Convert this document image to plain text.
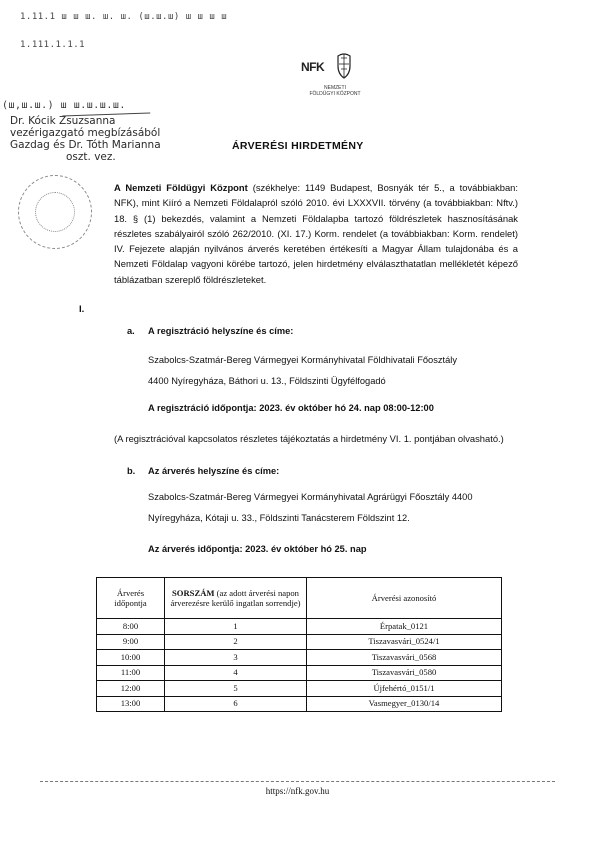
1.11.1 ш ш ш. ш. ш. (ш.ш.ш) ш ш ш ш
1.111.1.1.1
NFK
NEMZETI
FÖLDÜGYI KÖZPONT
(ш,ш.ш.) ш ш.ш.ш.ш.
Dr. Kócik Zsuzsanna
vezérigazgató megbízásából
Gazdag és Dr. Tóth Marianna
oszt. vez.
ÁRVERÉSI HIRDETMÉNY
A Nemzeti Földügyi Központ (székhelye: 1149 Budapest, Bosnyák tér 5., a továbbiakban: NFK), mint Kiíró a Nemzeti Földalapról szóló 2010. évi LXXXVII. törvény (a továbbiakban: Nftv.) 18. § (1) bekezdés, valamint a Nemzeti Földalapba tartozó földrészletek hasznosításának részletes szabályairól szóló 262/2010. (XI. 17.) Korm. rendelet (a továbbiakban: Korm. rendelet) IV. Fejezete alapján nyilvános árverés keretében értékesíti a Magyar Állam tulajdonába és a Nemzeti Földalap vagyoni körébe tartozó, jelen hirdetmény elválaszthatatlan mellékletét képező táblázatban szereplő földrészleteket.
I.
a. A regisztráció helyszíne és címe:
Szabolcs-Szatmár-Bereg Vármegyei Kormányhivatal Földhivatali Főosztály
4400 Nyíregyháza, Báthori u. 13., Földszinti Ügyfélfogadó
A regisztráció időpontja: 2023. év október hó 24. nap 08:00-12:00
(A regisztrációval kapcsolatos részletes tájékoztatás a hirdetmény VI. 1. pontjában olvasható.)
b. Az árverés helyszíne és címe:
Szabolcs-Szatmár-Bereg Vármegyei Kormányhivatal Agrárügyi Főosztály 4400
Nyíregyháza, Kótaji u. 33., Földszinti Tanácsterem Földszint 12.
Az árverés időpontja: 2023. év október hó 25. nap
Árverés időpontja	SORSZÁM (az adott árverési napon árverezésre kerülő ingatlan sorrendje)	Árverési azonosító
8:00	1	Érpatak_0121
9:00	2	Tiszavasvári_0524/1
10:00	3	Tiszavasvári_0568
11:00	4	Tiszavasvári_0580
12:00	5	Újfehértó_0151/1
13:00	6	Vasmegyer_0130/14
https://nfk.gov.hu
